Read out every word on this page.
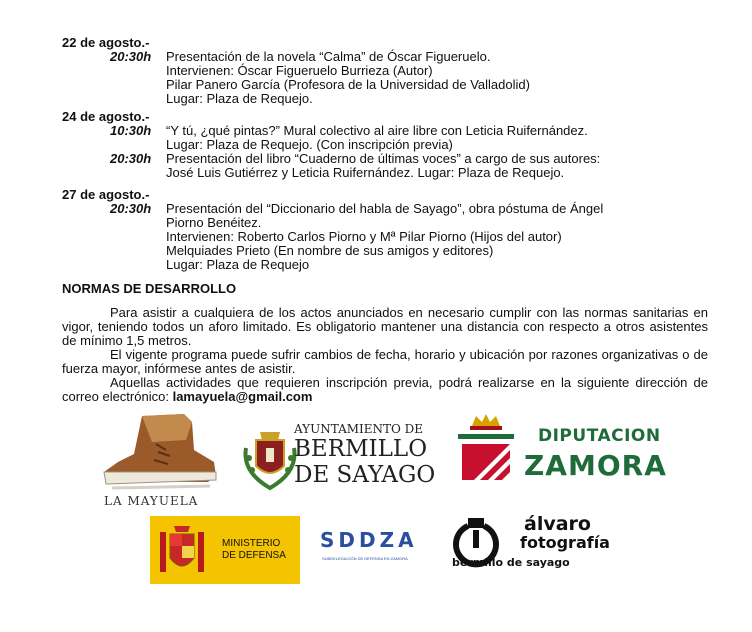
22 de agosto.-
20:30h Presentación de la novela “Calma” de Óscar Figueruelo.
Intervienen: Óscar Figueruelo Burrieza (Autor)
Pilar Panero García (Profesora de la Universidad de Valladolid)
Lugar: Plaza de Requejo.
24 de agosto.-
10:30h “Y tú, ¿qué pintas?” Mural colectivo al aire libre con Leticia Ruifernández.
Lugar: Plaza de Requejo. (Con inscripción previa)
20:30h Presentación del libro “Cuaderno de últimas voces” a cargo de sus autores:
José Luis Gutiérrez y Leticia Ruifernández. Lugar: Plaza de Requejo.
27 de agosto.-
20:30h Presentación del “Diccionario del habla de Sayago”, obra póstuma de Ángel
Piorno Benéitez.
Intervienen: Roberto Carlos Piorno y Mª Pilar Piorno (Hijos del autor)
Melquiades Prieto (En nombre de sus amigos y editores)
Lugar: Plaza de Requejo
NORMAS DE DESARROLLO
Para asistir a cualquiera de los actos anunciados en necesario cumplir con las normas sanitarias en vigor, teniendo todos un aforo limitado. Es obligatorio mantener una distancia con respecto a otros asistentes de mínimo 1,5 metros.
El vigente programa puede sufrir cambios de fecha, horario y ubicación por razones organizativas o de fuerza mayor, infórmese antes de asistir.
Aquellas actividades que requieren inscripción previa, podrá realizarse en la siguiente dirección de correo electrónico: lamayuela@gmail.com
LA MAYUELA
AYUNTAMIENTO DE
BERMILLO
DE SAYAGO
DIPUTACION
ZAMORA
MINISTERIO
DE DEFENSA
SDDZA
SUBDELEGACIÓN DE DEFENSA EN ZAMORA
álvaro
fotografía
bermillo de sayago
